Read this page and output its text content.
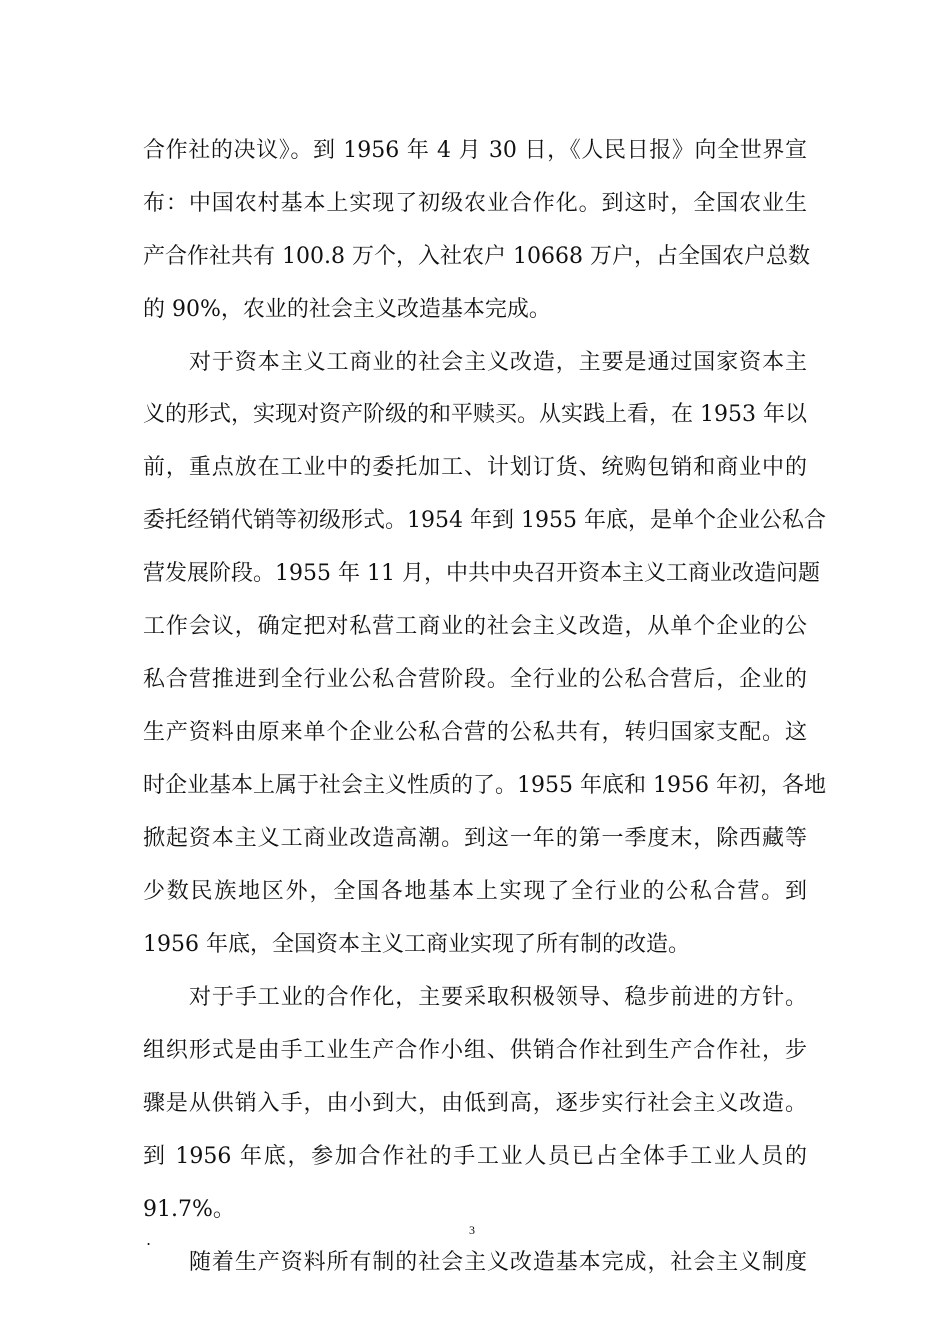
合作社的决议》。到 1956 年 4 月 30 日，《人民日报》向全世界宣
布：中国农村基本上实现了初级农业合作化。到这时，全国农业生
产合作社共有 100.8 万个，入社农户 10668 万户，占全国农户总数
的 90%，农业的社会主义改造基本完成。
对于资本主义工商业的社会主义改造，主要是通过国家资本主
义的形式，实现对资产阶级的和平赎买。从实践上看，在 1953 年以
前，重点放在工业中的委托加工、计划订货、统购包销和商业中的
委托经销代销等初级形式。1954 年到 1955 年底，是单个企业公私合
营发展阶段。1955 年 11 月，中共中央召开资本主义工商业改造问题
工作会议，确定把对私营工商业的社会主义改造，从单个企业的公
私合营推进到全行业公私合营阶段。全行业的公私合营后，企业的
生产资料由原来单个企业公私合营的公私共有，转归国家支配。这
时企业基本上属于社会主义性质的了。1955 年底和 1956 年初，各地
掀起资本主义工商业改造高潮。到这一年的第一季度末，除西藏等
少数民族地区外，全国各地基本上实现了全行业的公私合营。到
1956 年底，全国资本主义工商业实现了所有制的改造。
对于手工业的合作化，主要采取积极领导、稳步前进的方针。
组织形式是由手工业生产合作小组、供销合作社到生产合作社，步
骤是从供销入手，由小到大，由低到高，逐步实行社会主义改造。
到 1956 年底，参加合作社的手工业人员已占全体手工业人员的
91.7%。
随着生产资料所有制的社会主义改造基本完成，社会主义制度
.	3
